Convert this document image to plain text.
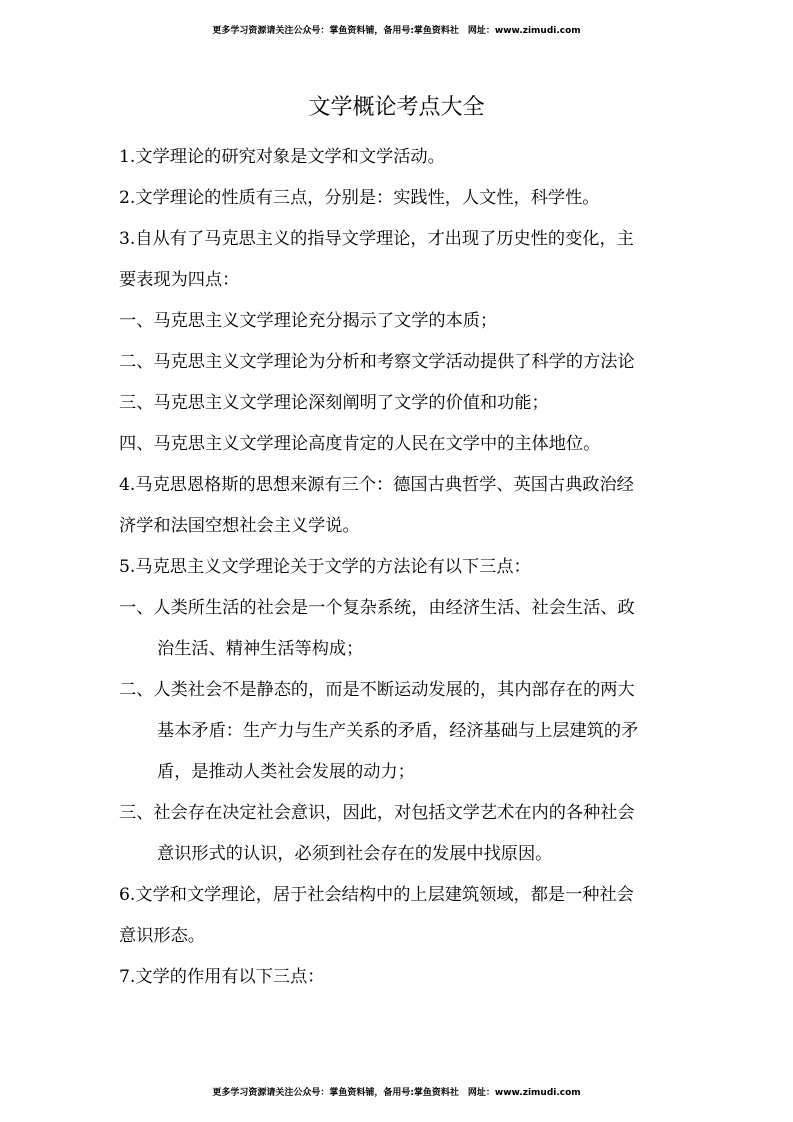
更多学习资源请关注公众号：掌鱼资料铺，备用号:掌鱼资料社　网址：www.zimudi.com
文学概论考点大全
1.文学理论的研究对象是文学和文学活动。
2.文学理论的性质有三点，分别是：实践性，人文性，科学性。
3.自从有了马克思主义的指导文学理论，才出现了历史性的变化，主
要表现为四点：
一、马克思主义文学理论充分揭示了文学的本质；
二、马克思主义文学理论为分析和考察文学活动提供了科学的方法论
三、马克思主义文学理论深刻阐明了文学的价值和功能；
四、马克思主义文学理论高度肯定的人民在文学中的主体地位。
4.马克思恩格斯的思想来源有三个：德国古典哲学、英国古典政治经
济学和法国空想社会主义学说。
5.马克思主义文学理论关于文学的方法论有以下三点：
一、人类所生活的社会是一个复杂系统，由经济生活、社会生活、政
治生活、精神生活等构成；
二、人类社会不是静态的，而是不断运动发展的，其内部存在的两大
基本矛盾：生产力与生产关系的矛盾，经济基础与上层建筑的矛
盾，是推动人类社会发展的动力；
三、社会存在决定社会意识，因此，对包括文学艺术在内的各种社会
意识形式的认识，必须到社会存在的发展中找原因。
6.文学和文学理论，居于社会结构中的上层建筑领域，都是一种社会
意识形态。
7.文学的作用有以下三点：
更多学习资源请关注公众号：掌鱼资料铺，备用号:掌鱼资料社　网址：www.zimudi.com
